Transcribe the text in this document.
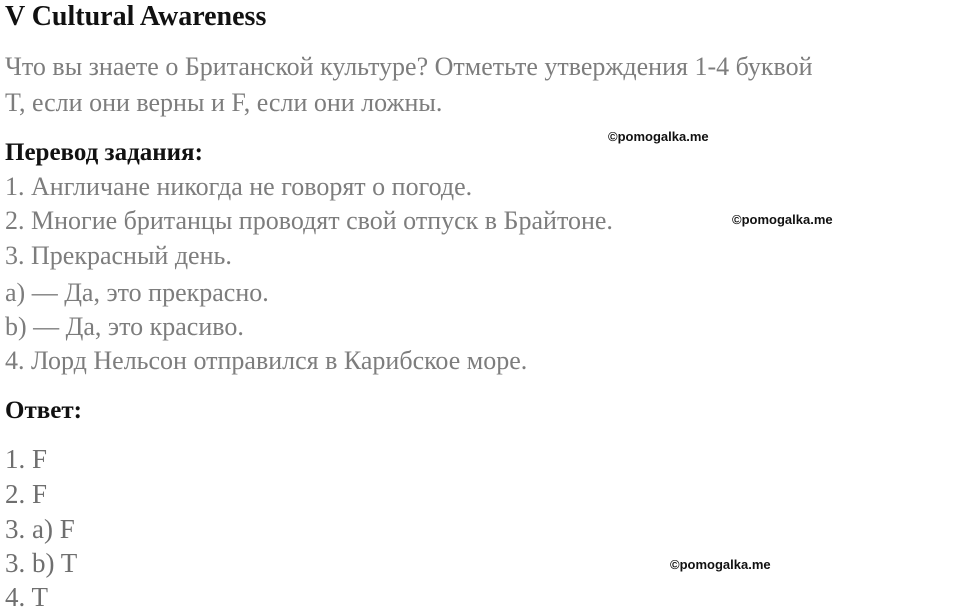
V Cultural Awareness
Что вы знаете о Британской культуре? Отметьте утверждения 1-4 буквой
T, если они верны и F, если они ложны.
Перевод задания:
1. Англичане никогда не говорят о погоде.
2. Многие британцы проводят свой отпуск в Брайтоне.
3. Прекрасный день.
a) — Да, это прекрасно.
b) — Да, это красиво.
4. Лорд Нельсон отправился в Карибское море.
Ответ:
1. F
2. F
3. a) F
3. b) T
4. T
©pomogalka.me
©pomogalka.me
©pomogalka.me
